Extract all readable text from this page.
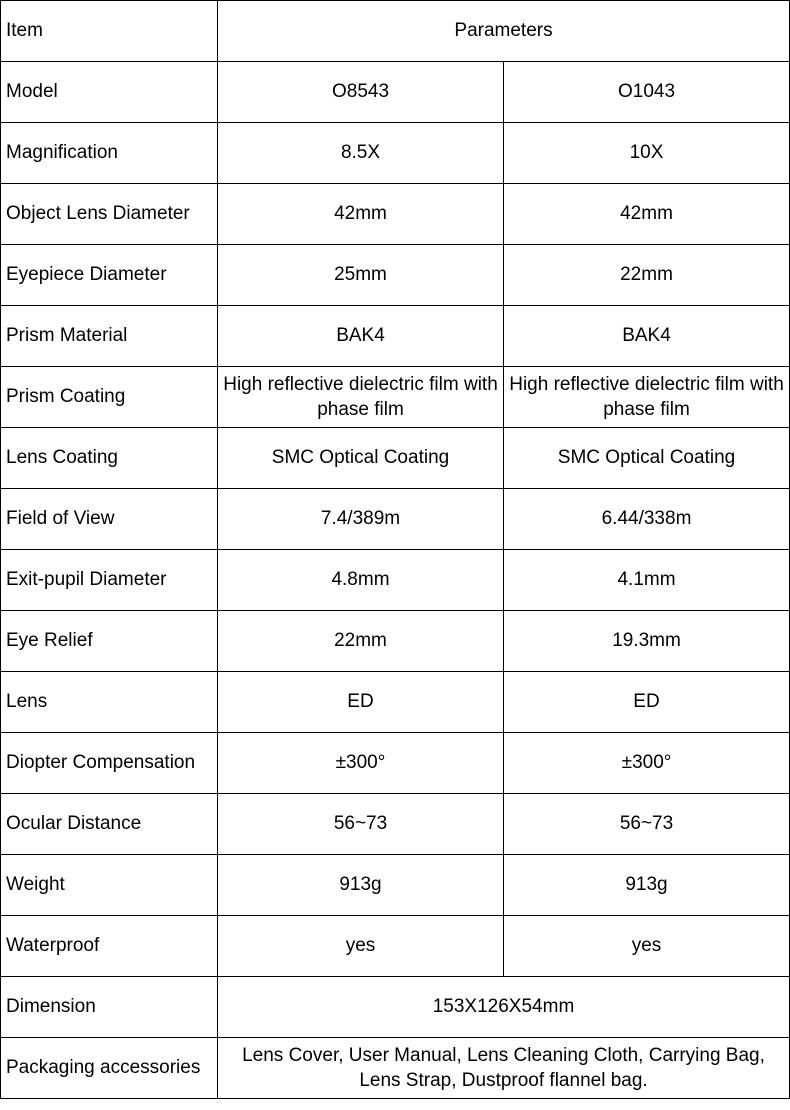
Item	Parameters	
Model	O8543	O1043
Magnification	8.5X	10X
Object Lens Diameter	42mm	42mm
Eyepiece Diameter	25mm	22mm
Prism Material	BAK4	BAK4
Prism Coating	High reflective dielectric film with phase film	High reflective dielectric film with phase film
Lens Coating	SMC Optical Coating	SMC Optical Coating
Field of View	7.4/389m	6.44/338m
Exit-pupil Diameter	4.8mm	4.1mm
Eye Relief	22mm	19.3mm
Lens	ED	ED
Diopter Compensation	±300°	±300°
Ocular Distance	56~73	56~73
Weight	913g	913g
Waterproof	yes	yes
Dimension	153X126X54mm	
Packaging accessories	Lens Cover, User Manual, Lens Cleaning Cloth, Carrying Bag, Lens Strap, Dustproof flannel bag.	
